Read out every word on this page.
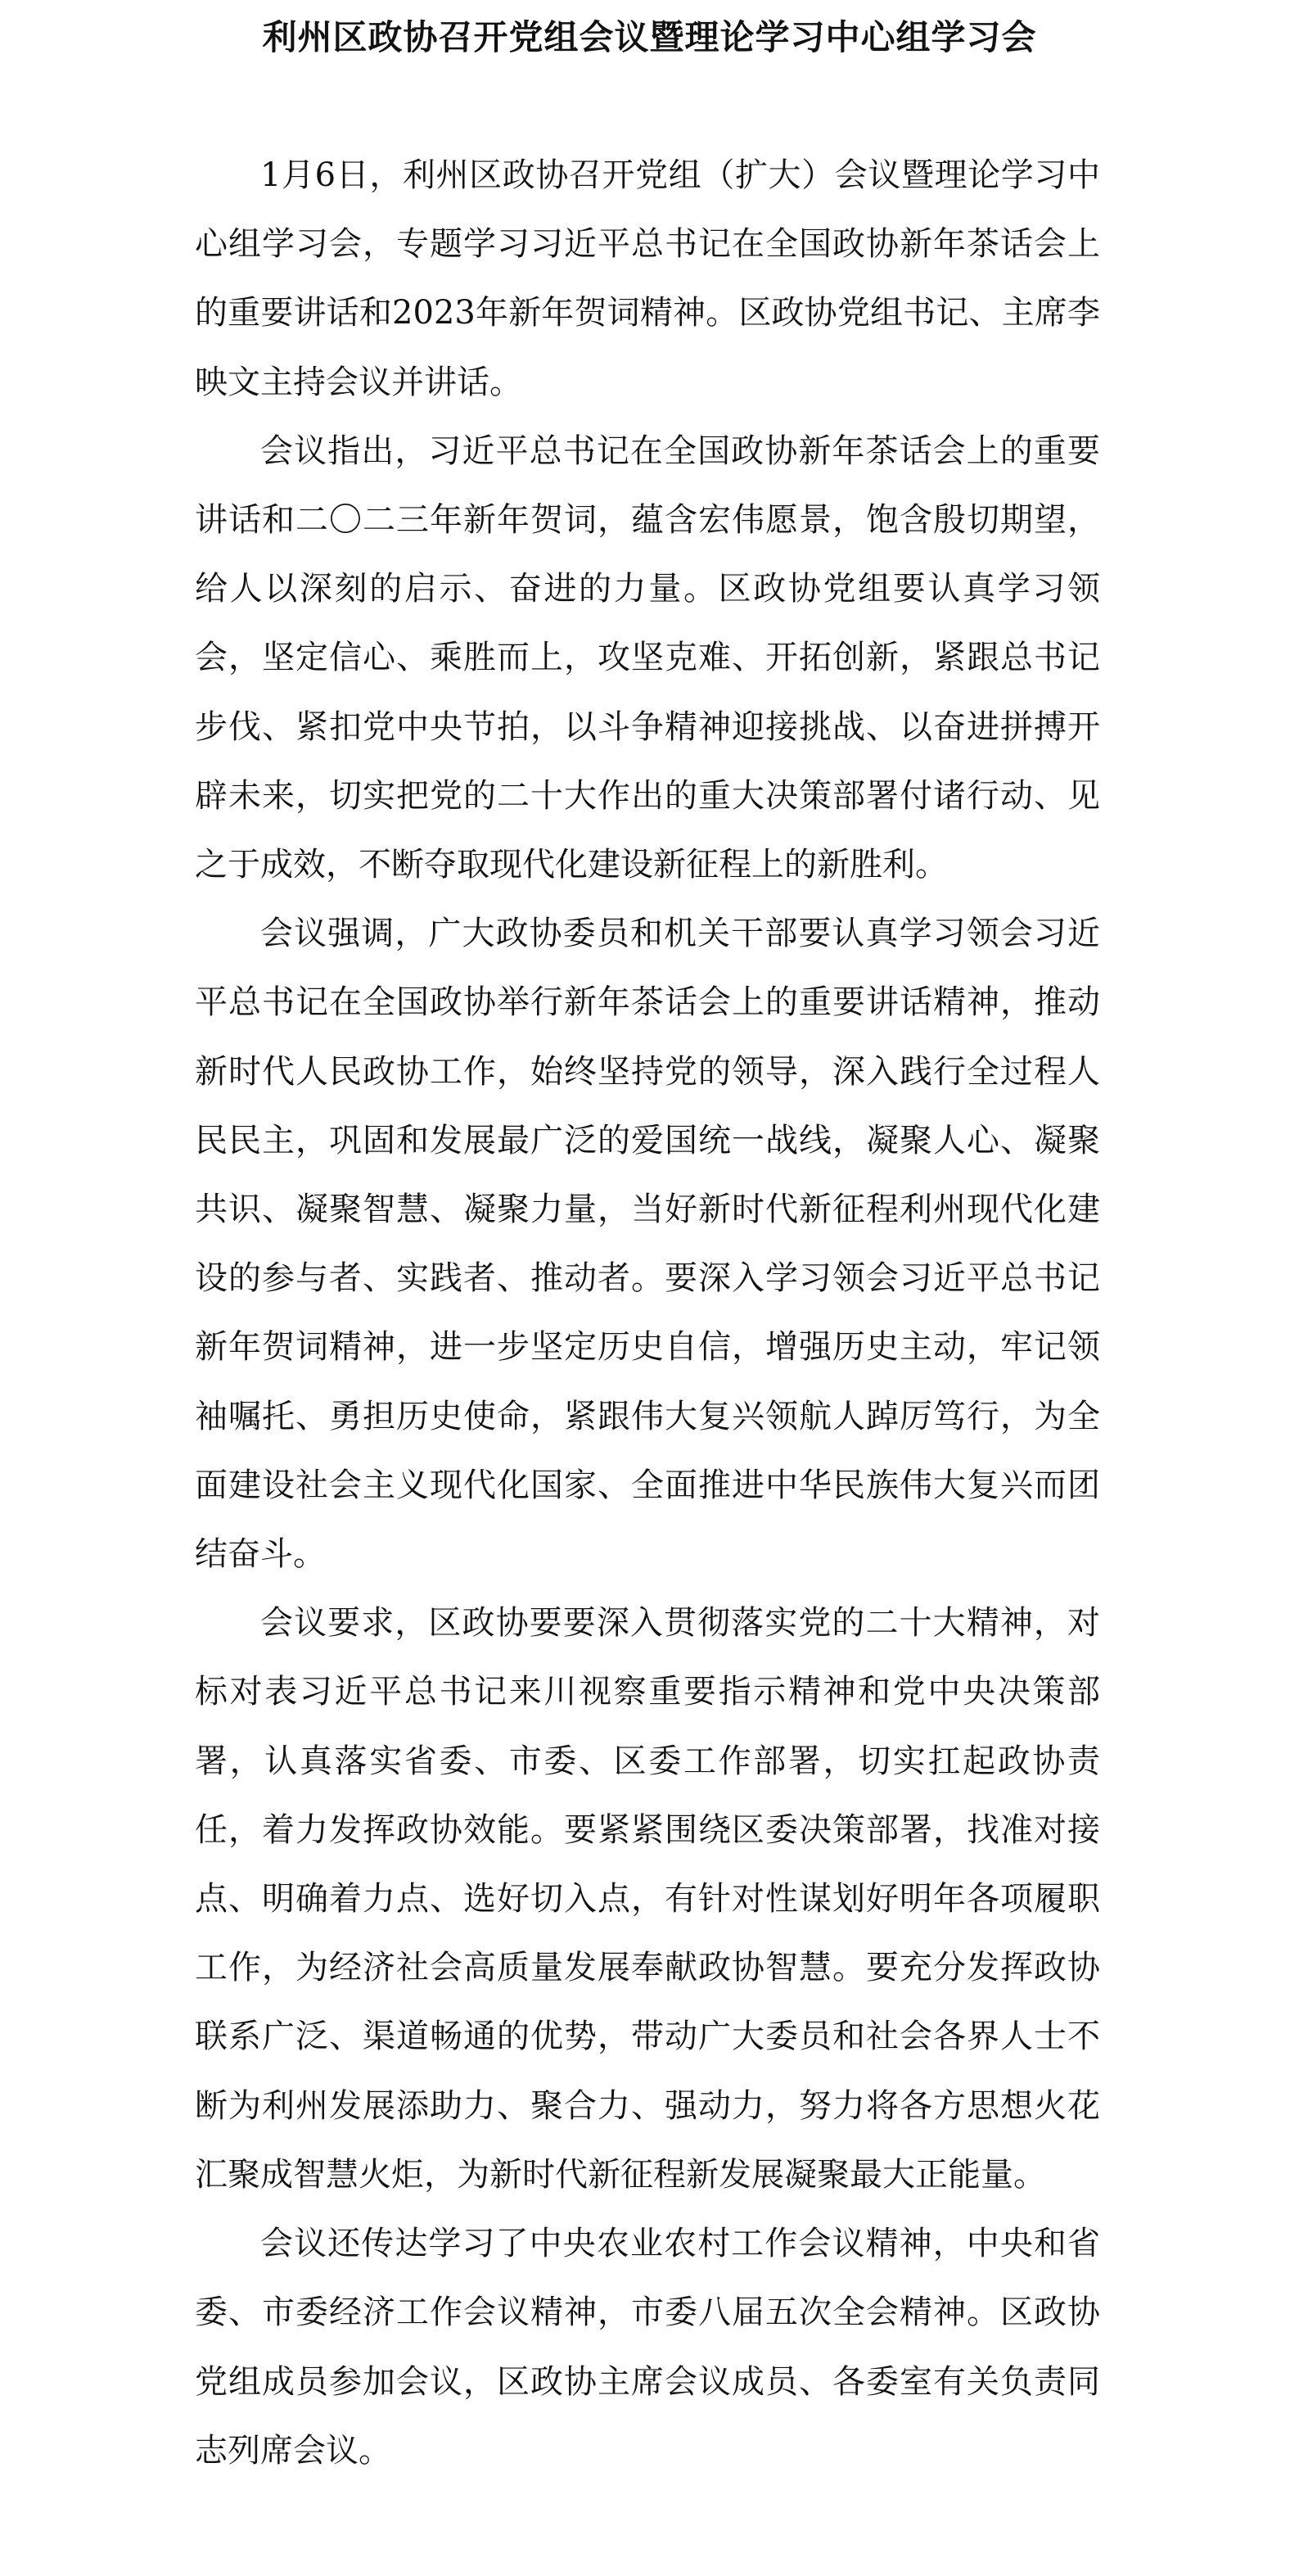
利州区政协召开党组会议暨理论学习中心组学习会

1月6日，利州区政协召开党组（扩大）会议暨理论学习中心组学习会，专题学习习近平总书记在全国政协新年茶话会上的重要讲话和2023年新年贺词精神。区政协党组书记、主席李映文主持会议并讲话。

会议指出，习近平总书记在全国政协新年茶话会上的重要讲话和二〇二三年新年贺词，蕴含宏伟愿景，饱含殷切期望，给人以深刻的启示、奋进的力量。区政协党组要认真学习领会，坚定信心、乘胜而上，攻坚克难、开拓创新，紧跟总书记步伐、紧扣党中央节拍，以斗争精神迎接挑战、以奋进拼搏开辟未来，切实把党的二十大作出的重大决策部署付诸行动、见之于成效，不断夺取现代化建设新征程上的新胜利。

会议强调，广大政协委员和机关干部要认真学习领会习近平总书记在全国政协举行新年茶话会上的重要讲话精神，推动新时代人民政协工作，始终坚持党的领导，深入践行全过程人民民主，巩固和发展最广泛的爱国统一战线，凝聚人心、凝聚共识、凝聚智慧、凝聚力量，当好新时代新征程利州现代化建设的参与者、实践者、推动者。要深入学习领会习近平总书记新年贺词精神，进一步坚定历史自信，增强历史主动，牢记领袖嘱托、勇担历史使命，紧跟伟大复兴领航人踔厉笃行，为全面建设社会主义现代化国家、全面推进中华民族伟大复兴而团结奋斗。

会议要求，区政协要要深入贯彻落实党的二十大精神，对标对表习近平总书记来川视察重要指示精神和党中央决策部署，认真落实省委、市委、区委工作部署，切实扛起政协责任，着力发挥政协效能。要紧紧围绕区委决策部署，找准对接点、明确着力点、选好切入点，有针对性谋划好明年各项履职工作，为经济社会高质量发展奉献政协智慧。要充分发挥政协联系广泛、渠道畅通的优势，带动广大委员和社会各界人士不断为利州发展添助力、聚合力、强动力，努力将各方思想火花汇聚成智慧火炬，为新时代新征程新发展凝聚最大正能量。

会议还传达学习了中央农业农村工作会议精神，中央和省委、市委经济工作会议精神，市委八届五次全会精神。区政协党组成员参加会议，区政协主席会议成员、各委室有关负责同志列席会议。
